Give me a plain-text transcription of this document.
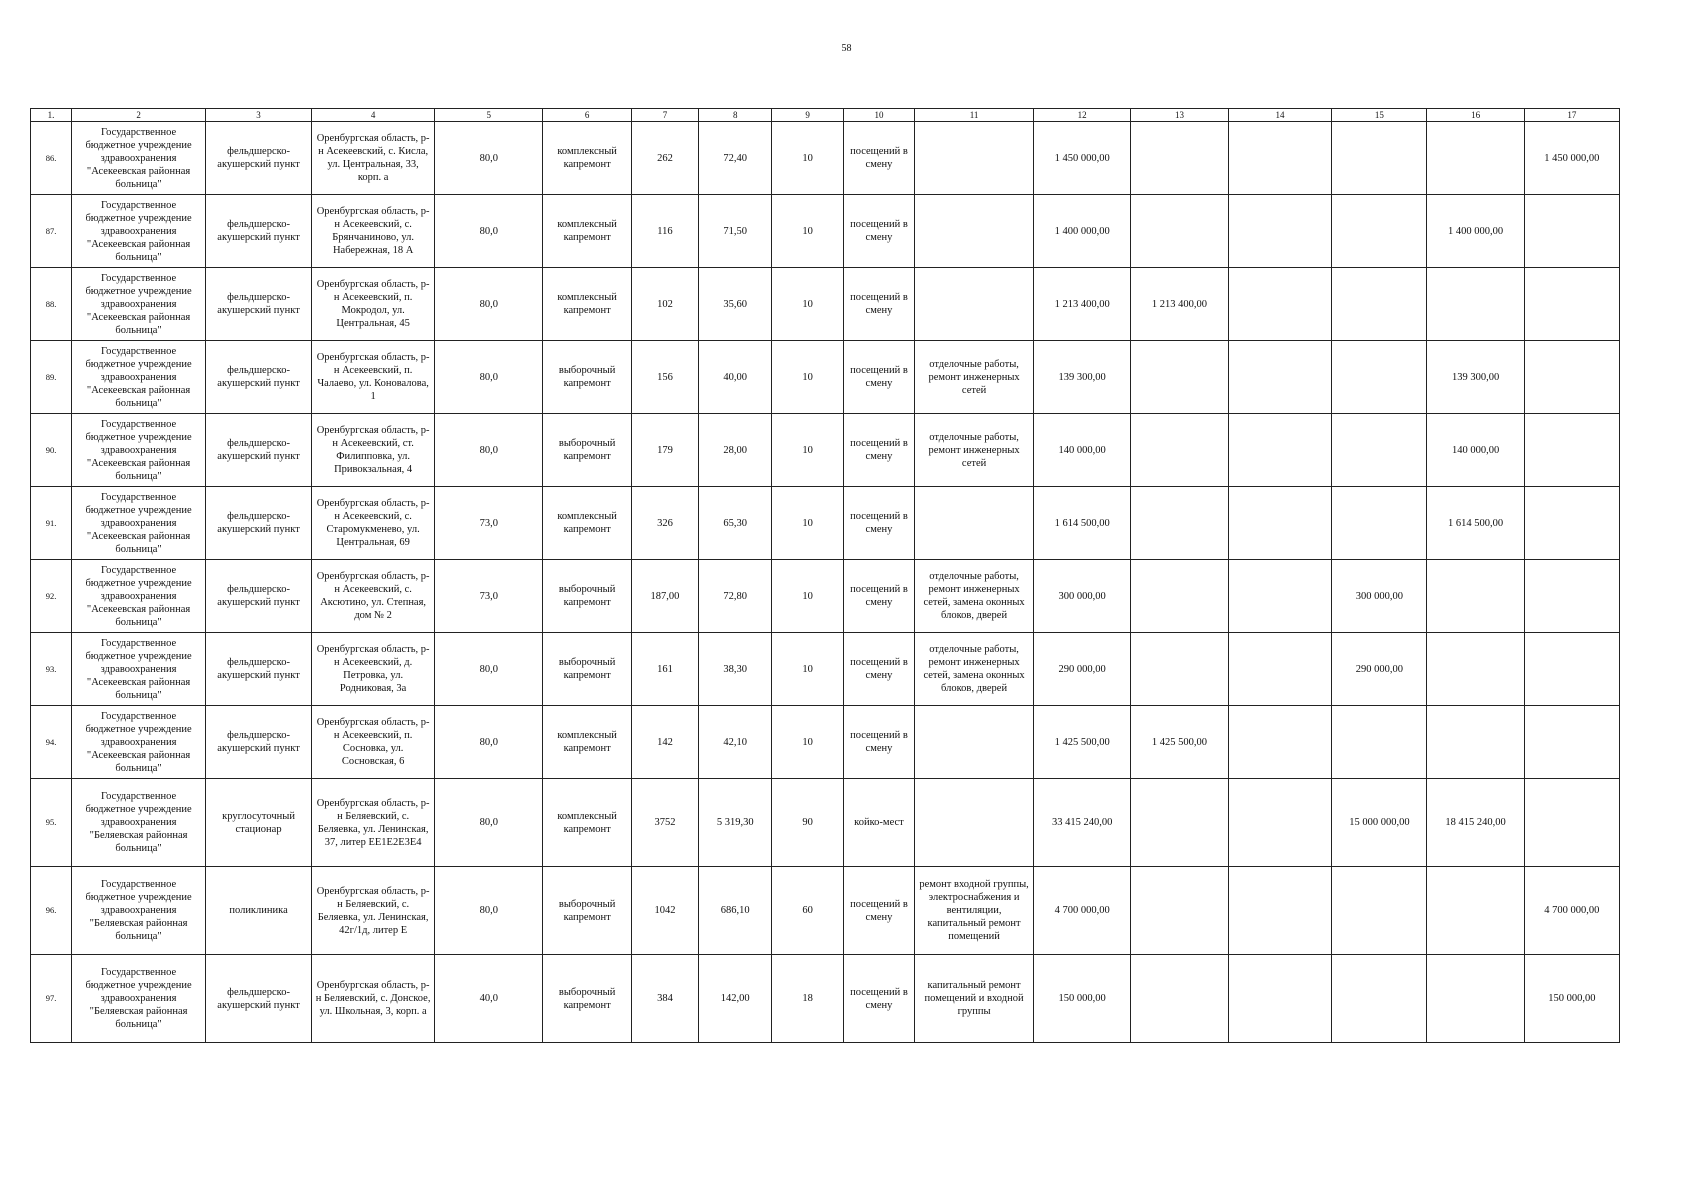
58
1.	2	3	4	5	6	7	8	9	10	11	12	13	14	15	16	17
86.	Государственное бюджетное учреждение здравоохранения "Асекеевская районная больница"	фельдшерско-акушерский пункт	Оренбургская область, р-н Асекеевский, с. Кисла, ул. Центральная, 33, корп. а	80,0	комплексный капремонт	262	72,40	10	посещений в смену		1 450 000,00					1 450 000,00
87.	Государственное бюджетное учреждение здравоохранения "Асекеевская районная больница"	фельдшерско-акушерский пункт	Оренбургская область, р-н Асекеевский, с. Брянчаниново, ул. Набережная, 18 А	80,0	комплексный капремонт	116	71,50	10	посещений в смену		1 400 000,00				1 400 000,00	
88.	Государственное бюджетное учреждение здравоохранения "Асекеевская районная больница"	фельдшерско-акушерский пункт	Оренбургская область, р-н Асекеевский, п. Мокродол, ул. Центральная, 45	80,0	комплексный капремонт	102	35,60	10	посещений в смену		1 213 400,00	1 213 400,00				
89.	Государственное бюджетное учреждение здравоохранения "Асекеевская районная больница"	фельдшерско-акушерский пункт	Оренбургская область, р-н Асекеевский, п. Чалаево, ул. Коновалова, 1	80,0	выборочный капремонт	156	40,00	10	посещений в смену	отделочные работы, ремонт инженерных сетей	139 300,00				139 300,00	
90.	Государственное бюджетное учреждение здравоохранения "Асекеевская районная больница"	фельдшерско-акушерский пункт	Оренбургская область, р-н Асекеевский, ст. Филипповка, ул. Привокзальная, 4	80,0	выборочный капремонт	179	28,00	10	посещений в смену	отделочные работы, ремонт инженерных сетей	140 000,00				140 000,00	
91.	Государственное бюджетное учреждение здравоохранения "Асекеевская районная больница"	фельдшерско-акушерский пункт	Оренбургская область, р-н Асекеевский, с. Старомукменево, ул. Центральная, 69	73,0	комплексный капремонт	326	65,30	10	посещений в смену		1 614 500,00				1 614 500,00	
92.	Государственное бюджетное учреждение здравоохранения "Асекеевская районная больница"	фельдшерско-акушерский пункт	Оренбургская область, р- н Асекеевский, с. Аксютино, ул. Степная, дом № 2	73,0	выборочный капремонт	187,00	72,80	10	посещений в смену	отделочные работы, ремонт инженерных сетей, замена оконных блоков, дверей	300 000,00			300 000,00		
93.	Государственное бюджетное учреждение здравоохранения "Асекеевская районная больница"	фельдшерско-акушерский пункт	Оренбургская область, р-н Асекеевский, д. Петровка, ул. Родниковая, 3а	80,0	выборочный капремонт	161	38,30	10	посещений в смену	отделочные работы, ремонт инженерных сетей, замена оконных блоков, дверей	290 000,00			290 000,00		
94.	Государственное бюджетное учреждение здравоохранения "Асекеевская районная больница"	фельдшерско-акушерский пункт	Оренбургская область, р-н Асекеевский, п. Сосновка, ул. Сосновская, 6	80,0	комплексный капремонт	142	42,10	10	посещений в смену		1 425 500,00	1 425 500,00				
95.	Государственное бюджетное учреждение здравоохранения "Беляевская районная больница"	круглосуточный стационар	Оренбургская область, р-н Беляевский, с. Беляевка, ул. Ленинская, 37, литер ЕЕ1Е2Е3Е4	80,0	комплексный капремонт	3752	5 319,30	90	койко-мест		33 415 240,00			15 000 000,00	18 415 240,00	
96.	Государственное бюджетное учреждение здравоохранения "Беляевская районная больница"	поликлиника	Оренбургская область, р-н Беляевский, с. Беляевка, ул. Ленинская, 42г/1д, литер Е	80,0	выборочный капремонт	1042	686,10	60	посещений в смену	ремонт входной группы, электроснабжения и вентиляции, капитальный ремонт помещений	4 700 000,00					4 700 000,00
97.	Государственное бюджетное учреждение здравоохранения "Беляевская районная больница"	фельдшерско-акушерский пункт	Оренбургская область, р-н Беляевский, с. Донское, ул. Школьная, 3, корп. а	40,0	выборочный капремонт	384	142,00	18	посещений в смену	капитальный ремонт помещений и входной группы	150 000,00					150 000,00
